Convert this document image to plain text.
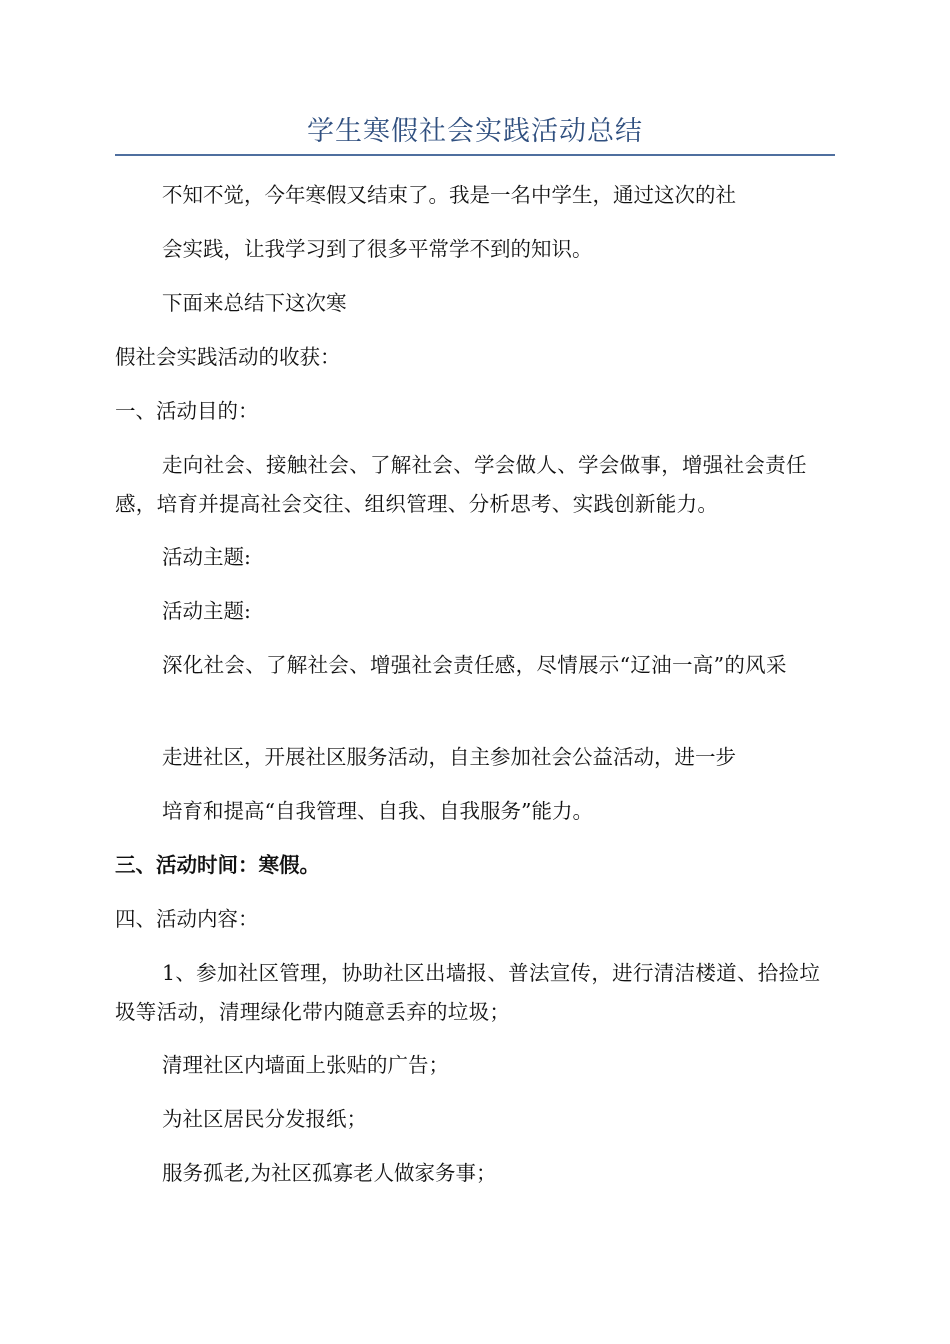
学生寒假社会实践活动总结

不知不觉，今年寒假又结束了。我是一名中学生，通过这次的社

会实践，让我学习到了很多平常学不到的知识。

下面来总结下这次寒

假社会实践活动的收获：

一、活动目的：

走向社会、接触社会、了解社会、学会做人、学会做事，增强社会责任感，培育并提高社会交往、组织管理、分析思考、实践创新能力。

活动主题:

活动主题:

深化社会、了解社会、增强社会责任感，尽情展示“辽油一高”的风采

走进社区，开展社区服务活动，自主参加社会公益活动，进一步

培育和提高“自我管理、自我、自我服务”能力。

三、活动时间：寒假。

四、活动内容：

1、参加社区管理，协助社区出墙报、普法宣传，进行清洁楼道、拾捡垃圾等活动，清理绿化带内随意丢弃的垃圾；

清理社区内墙面上张贴的广告；

为社区居民分发报纸；

服务孤老,为社区孤寡老人做家务事；
